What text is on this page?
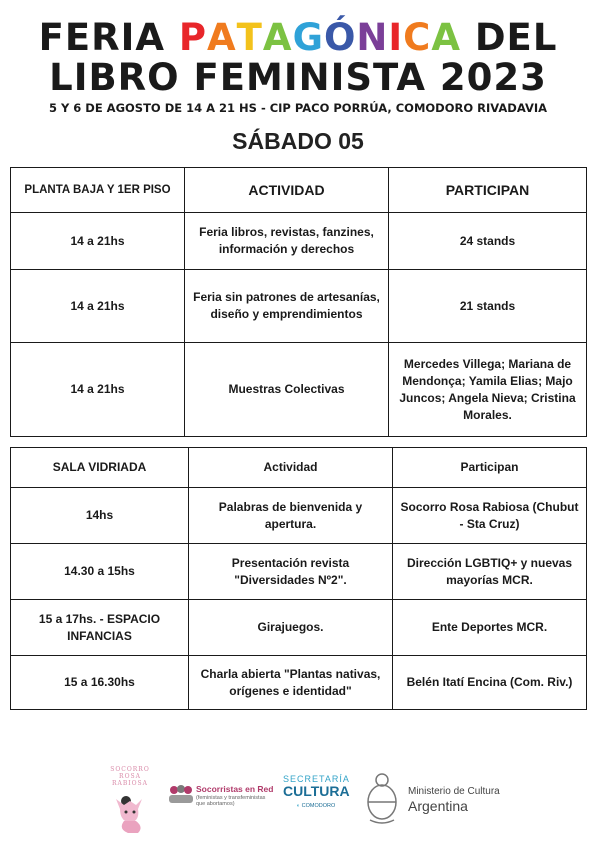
FERIA PATAGÓNICA DEL
LIBRO FEMINISTA 2023
5 Y 6 DE AGOSTO DE 14 A 21 HS - CIP PACO PORRÚA, COMODORO RIVADAVIA
SÁBADO 05
PLANTA BAJA Y 1ER PISO	ACTIVIDAD	PARTICIPAN
14 a 21hs	Feria libros, revistas, fanzines, información y derechos	24 stands
14 a 21hs	Feria sin patrones de artesanías, diseño y emprendimientos	21 stands
14 a 21hs	Muestras Colectivas	Mercedes Villega; Mariana de Mendonça; Yamila Elias; Majo Juncos; Angela Nieva; Cristina Morales.
SALA VIDRIADA	Actividad	Participan
14hs	Palabras de bienvenida y apertura.	Socorro Rosa Rabiosa (Chubut - Sta Cruz)
14.30 a 15hs	Presentación revista "Diversidades Nº2".	Dirección LGBTIQ+ y nuevas mayorías MCR.
15 a 17hs. - ESPACIO INFANCIAS	Girajuegos.	Ente Deportes MCR.
15 a 16.30hs	Charla abierta "Plantas nativas, orígenes e identidad"	Belén Itatí Encina (Com. Riv.)
SOCORRO ROSA RABIOSA
Socorristas en Red
(feministas y transfeministas que abortamos)
SECRETARÍA
CULTURA
◐ COMODORO
Ministerio de Cultura
Argentina
